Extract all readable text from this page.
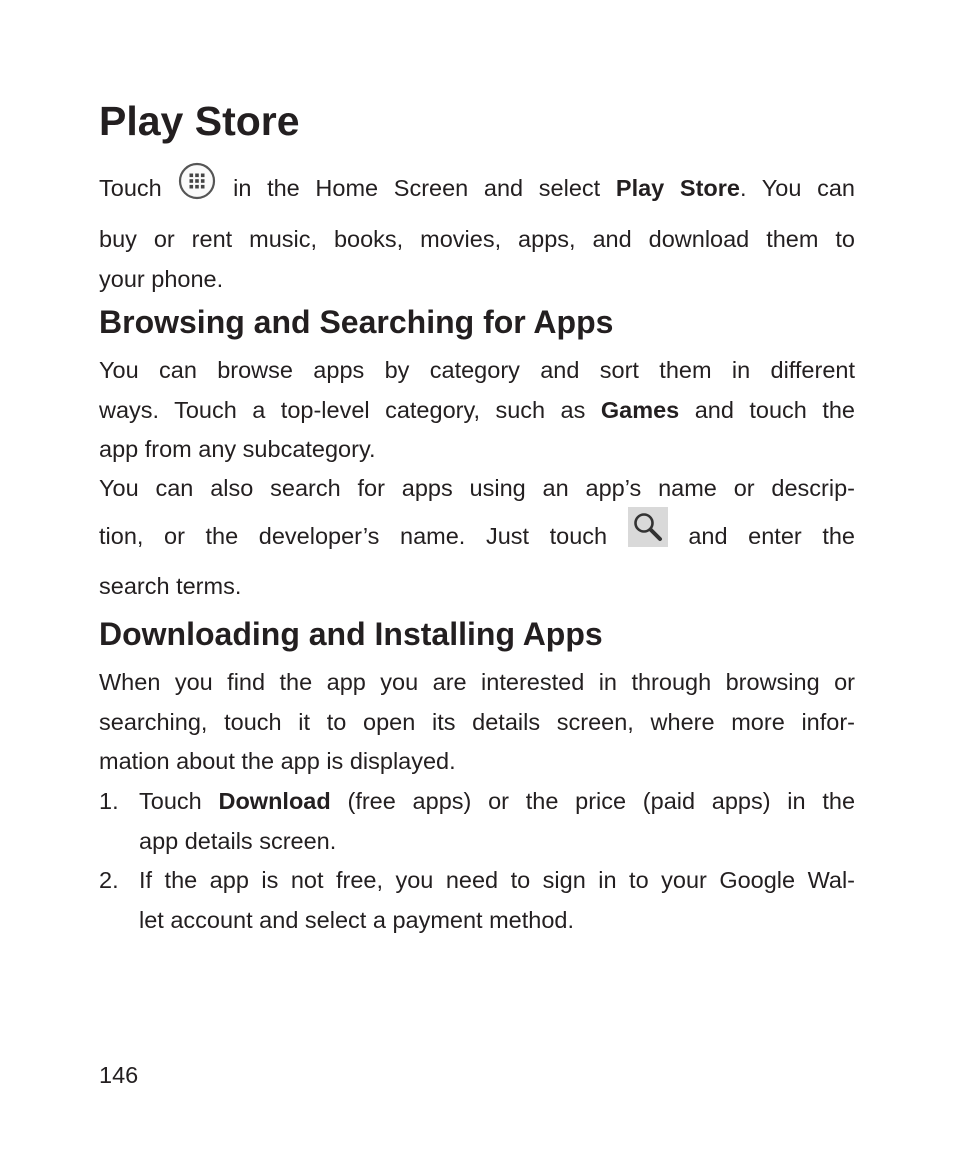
Play Store
Touch	in the Home Screen and select Play Store. You can
buy or rent music, books, movies, apps, and download them to
your phone.
Browsing and Searching for Apps
You can browse apps by category and sort them in different
ways. Touch a top-level category, such as Games and touch the
app from any subcategory.
You can also search for apps using an app’s name or descrip-
tion, or the developer’s name. Just touch	and enter the
search terms.
Downloading and Installing Apps
When you find the app you are interested in through browsing or
searching, touch it to open its details screen, where more infor-
mation about the app is displayed.
1. Touch Download (free apps) or the price (paid apps) in the
app details screen.
2. If the app is not free, you need to sign in to your Google Wal-
let account and select a payment method.
146
